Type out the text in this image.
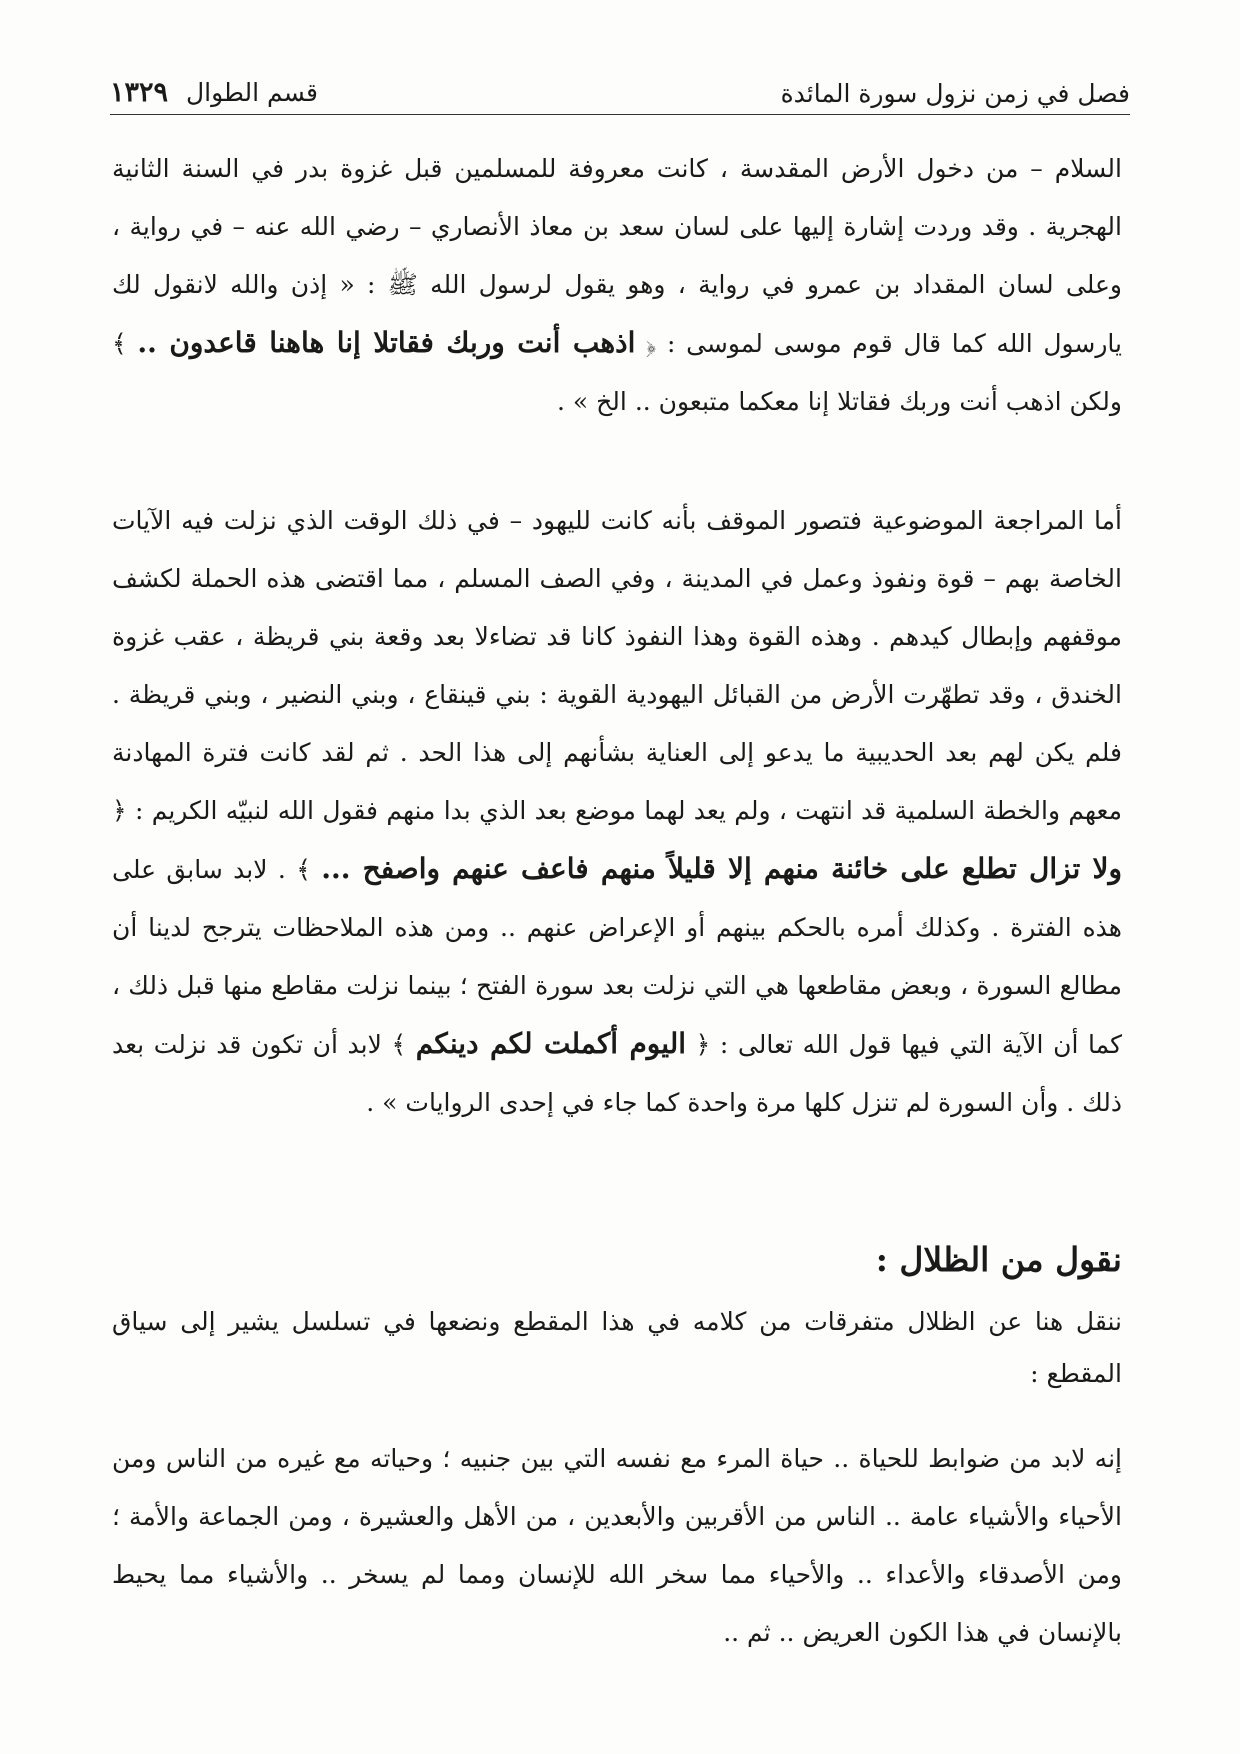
فصل في زمن نزول سورة المائدة
قسم الطوال
١٣٢٩

السلام – من دخول الأرض المقدسة ، كانت معروفة للمسلمين قبل غزوة بدر في السنة الثانية الهجرية . وقد وردت إشارة إليها على لسان سعد بن معاذ الأنصاري – رضي الله عنه – في رواية ، وعلى لسان المقداد بن عمرو في رواية ، وهو يقول لرسول الله ﷺ : « إذن والله لانقول لك يارسول الله كما قال قوم موسى لموسى : ﴿ اذهب أنت وربك فقاتلا إنا هاهنا قاعدون .. ﴾ ولكن اذهب أنت وربك فقاتلا إنا معكما متبعون .. الخ » .

أما المراجعة الموضوعية فتصور الموقف بأنه كانت لليهود – في ذلك الوقت الذي نزلت فيه الآيات الخاصة بهم – قوة ونفوذ وعمل في المدينة ، وفي الصف المسلم ، مما اقتضى هذه الحملة لكشف موقفهم وإبطال كيدهم . وهذه القوة وهذا النفوذ كانا قد تضاءلا بعد وقعة بني قريظة ، عقب غزوة الخندق ، وقد تطهّرت الأرض من القبائل اليهودية القوية : بني قينقاع ، وبني النضير ، وبني قريظة . فلم يكن لهم بعد الحديبية ما يدعو إلى العناية بشأنهم إلى هذا الحد . ثم لقد كانت فترة المهادنة معهم والخطة السلمية قد انتهت ، ولم يعد لهما موضع بعد الذي بدا منهم فقول الله لنبيّه الكريم : ﴿ ولا تزال تطلع على خائنة منهم إلا قليلاً منهم فاعف عنهم واصفح ... ﴾ . لابد سابق على هذه الفترة . وكذلك أمره بالحكم بينهم أو الإعراض عنهم .. ومن هذه الملاحظات يترجح لدينا أن مطالع السورة ، وبعض مقاطعها هي التي نزلت بعد سورة الفتح ؛ بينما نزلت مقاطع منها قبل ذلك ، كما أن الآية التي فيها قول الله تعالى : ﴿ اليوم أكملت لكم دينكم ﴾ لابد أن تكون قد نزلت بعد ذلك . وأن السورة لم تنزل كلها مرة واحدة كما جاء في إحدى الروايات » .

نقول من الظلال :

ننقل هنا عن الظلال متفرقات من كلامه في هذا المقطع ونضعها في تسلسل يشير إلى سياق المقطع :

إنه لابد من ضوابط للحياة .. حياة المرء مع نفسه التي بين جنبيه ؛ وحياته مع غيره من الناس ومن الأحياء والأشياء عامة .. الناس من الأقربين والأبعدين ، من الأهل والعشيرة ، ومن الجماعة والأمة ؛ ومن الأصدقاء والأعداء .. والأحياء مما سخر الله للإنسان ومما لم يسخر .. والأشياء مما يحيط بالإنسان في هذا الكون العريض .. ثم ..
